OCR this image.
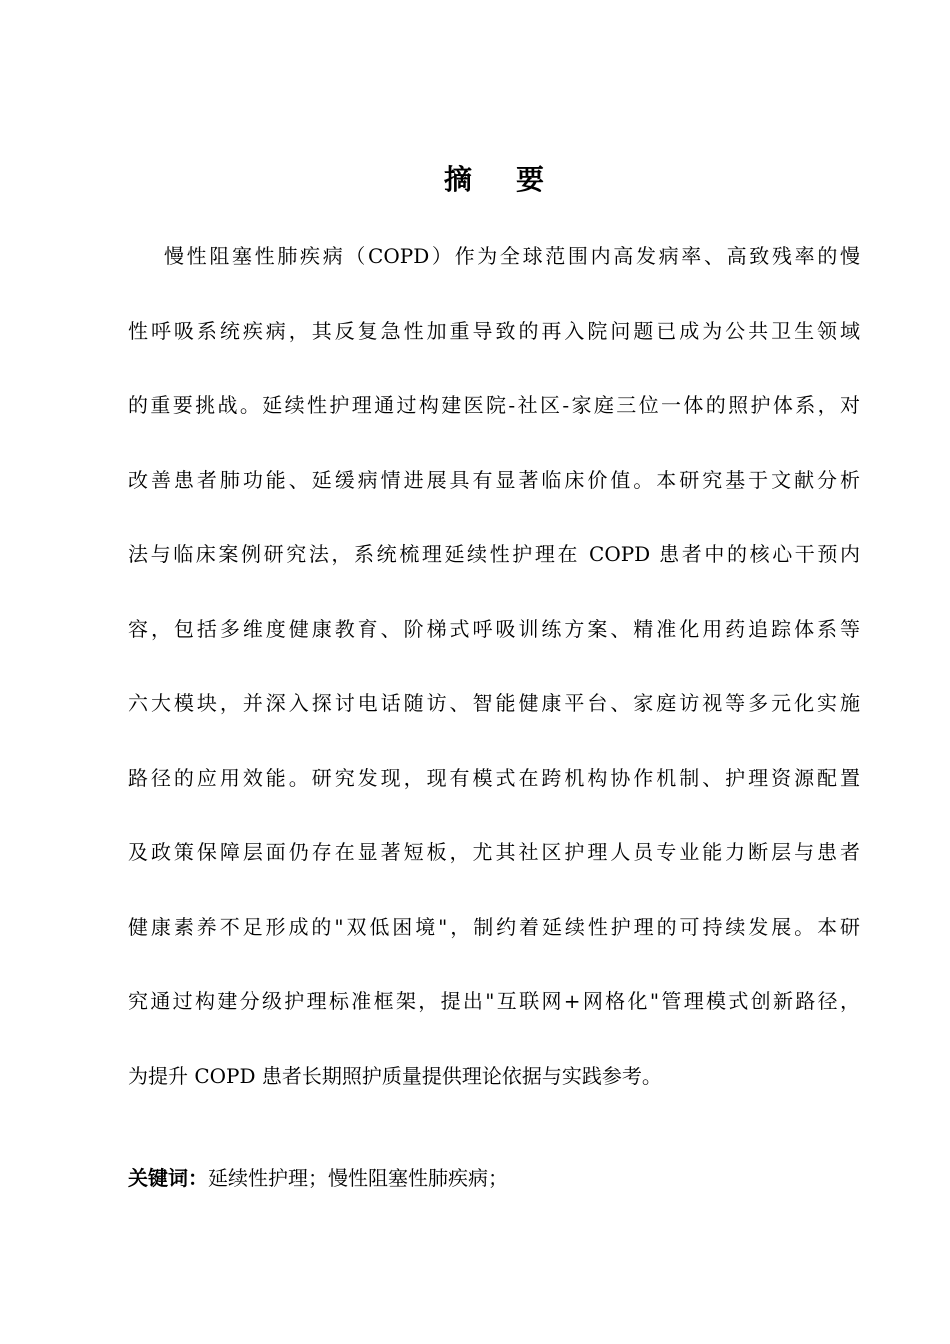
摘 要
慢性阻塞性肺疾病（COPD）作为全球范围内高发病率、高致残率的慢
性呼吸系统疾病，其反复急性加重导致的再入院问题已成为公共卫生领域
的重要挑战。延续性护理通过构建医院-社区-家庭三位一体的照护体系，对
改善患者肺功能、延缓病情进展具有显著临床价值。本研究基于文献分析
法与临床案例研究法，系统梳理延续性护理在 COPD 患者中的核心干预内
容，包括多维度健康教育、阶梯式呼吸训练方案、精准化用药追踪体系等
六大模块，并深入探讨电话随访、智能健康平台、家庭访视等多元化实施
路径的应用效能。研究发现，现有模式在跨机构协作机制、护理资源配置
及政策保障层面仍存在显著短板，尤其社区护理人员专业能力断层与患者
健康素养不足形成的"双低困境"，制约着延续性护理的可持续发展。本研
究通过构建分级护理标准框架，提出"互联网+网格化"管理模式创新路径，
为提升 COPD 患者长期照护质量提供理论依据与实践参考。
关键词：延续性护理；慢性阻塞性肺疾病；
